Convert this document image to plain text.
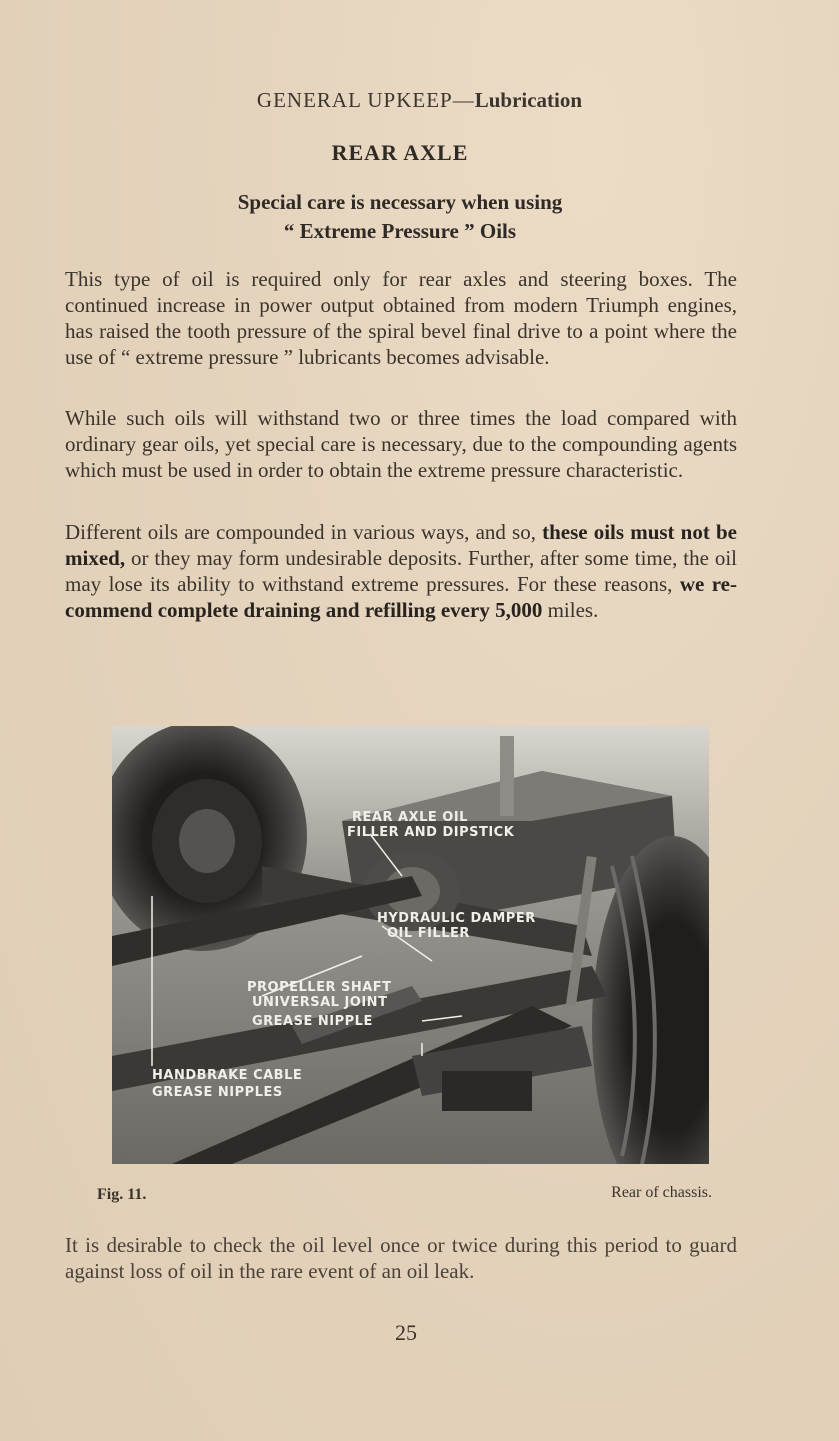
GENERAL UPKEEP—Lubrication
REAR AXLE
Special care is necessary when using
“ Extreme Pressure ” Oils

This type of oil is required only for rear axles and steering boxes. The continued increase in power output obtained from modern Triumph engines, has raised the tooth pressure of the spiral bevel final drive to a point where the use of “ extreme pressure ” lubricants becomes advisable.

While such oils will withstand two or three times the load compared with ordinary gear oils, yet special care is necessary, due to the compounding agents which must be used in order to obtain the extreme pressure characteristic.

Different oils are compounded in various ways, and so, these oils must not be mixed, or they may form undesirable deposits. Further, after some time, the oil may lose its ability to withstand extreme pressures. For these reasons, we re-commend complete draining and refilling every 5,000 miles.

REAR AXLE OIL
FILLER AND DIPSTICK
HYDRAULIC DAMPER
OIL FILLER
PROPELLER SHAFT
UNIVERSAL JOINT
GREASE NIPPLE
HANDBRAKE CABLE
GREASE NIPPLES
Fig. 11.	Rear of chassis.

It is desirable to check the oil level once or twice during this period to guard against loss of oil in the rare event of an oil leak.

25
